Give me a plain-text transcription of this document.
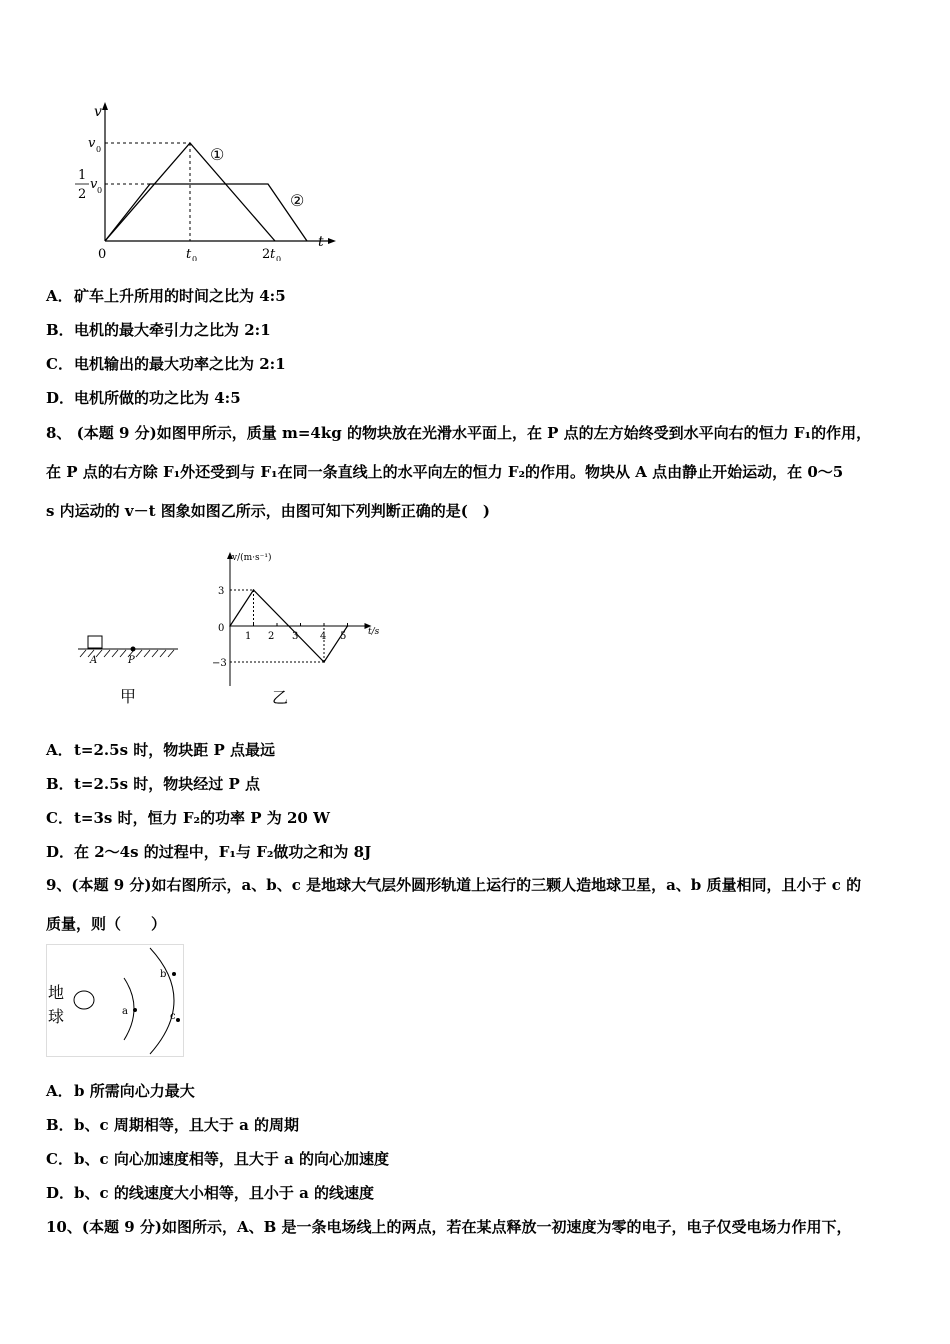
v
t
0
v 0
1
2
v 0
t 0	2 t 0
①
②
A．矿车上升所用的时间之比为 4:5
B．电机的最大牵引力之比为 2:1
C．电机输出的最大功率之比为 2:1
D．电机所做的功之比为 4:5
8、 (本题 9 分)如图甲所示，质量 m=4kg 的物块放在光滑水平面上，在 P 点的左方始终受到水平向右的恒力 F₁的作用，
在 P 点的右方除 F₁外还受到与 F₁在同一条直线上的水平向左的恒力 F₂的作用。物块从 A 点由静止开始运动，在 0～5
s 内运动的 v－t 图象如图乙所示，由图可知下列判断正确的是(　)
A	P
甲
v/(m·s⁻¹)
t/s
3
0
−3
1 2 3 4 5
乙
A．t=2.5s 时，物块距 P 点最远
B．t=2.5s 时，物块经过 P 点
C．t=3s 时，恒力 F₂的功率 P 为 20 W
D．在 2～4s 的过程中，F₁与 F₂做功之和为 8J
9、(本题 9 分)如右图所示，a、b、c 是地球大气层外圆形轨道上运行的三颗人造地球卫星，a、b 质量相同，且小于 c 的
质量，则（　　）
地
球	a
b
c
A．b 所需向心力最大
B．b、c 周期相等，且大于 a 的周期
C．b、c 向心加速度相等，且大于 a 的向心加速度
D．b、c 的线速度大小相等，且小于 a 的线速度
10、(本题 9 分)如图所示，A、B 是一条电场线上的两点，若在某点释放一初速度为零的电子，电子仅受电场力作用下，
